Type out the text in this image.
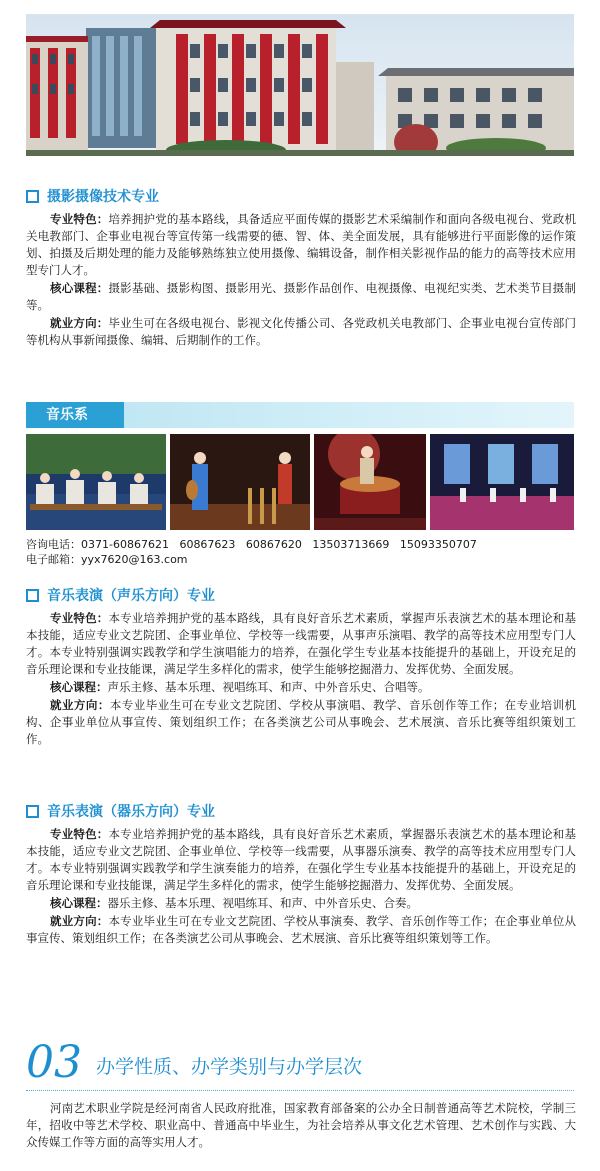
摄影摄像技术专业

专业特色：培养拥护党的基本路线，具备适应平面传媒的摄影艺术采编制作和面向各级电视台、党政机关电教部门、企事业电视台等宣传第一线需要的德、智、体、美全面发展，具有能够进行平面影像的运作策划、拍摄及后期处理的能力及能够熟练独立使用摄像、编辑设备，制作相关影视作品的能力的高等技术应用型专门人才。

核心课程：摄影基础、摄影构图、摄影用光、摄影作品创作、电视摄像、电视纪实类、艺术类节目摄制等。

就业方向：毕业生可在各级电视台、影视文化传播公司、各党政机关电教部门、企事业电视台宣传部门等机构从事新闻摄像、编辑、后期制作的工作。

音乐系
咨询电话：0371-60867621   60867623   60867620   13503713669   15093350707
电子邮箱：yyx7620@163.com
音乐表演（声乐方向）专业

专业特色：本专业培养拥护党的基本路线，具有良好音乐艺术素质，掌握声乐表演艺术的基本理论和基本技能，适应专业文艺院团、企事业单位、学校等一线需要，从事声乐演唱、教学的高等技术应用型专门人才。本专业特别强调实践教学和学生演唱能力的培养，在强化学生专业基本技能提升的基础上，开设充足的音乐理论课和专业技能课，满足学生多样化的需求，使学生能够挖掘潜力、发挥优势、全面发展。

核心课程：声乐主修、基本乐理、视唱练耳、和声、中外音乐史、合唱等。

就业方向：本专业毕业生可在专业文艺院团、学校从事演唱、教学、音乐创作等工作；在专业培训机构、企事业单位从事宣传、策划组织工作；在各类演艺公司从事晚会、艺术展演、音乐比赛等组织策划工作。

音乐表演（器乐方向）专业

专业特色：本专业培养拥护党的基本路线，具有良好音乐艺术素质，掌握器乐表演艺术的基本理论和基本技能，适应专业文艺院团、企事业单位、学校等一线需要，从事器乐演奏、教学的高等技术应用型专门人才。本专业特别强调实践教学和学生演奏能力的培养，在强化学生专业基本技能提升的基础上，开设充足的音乐理论课和专业技能课，满足学生多样化的需求，使学生能够挖掘潜力、发挥优势、全面发展。

核心课程：器乐主修、基本乐理、视唱练耳、和声、中外音乐史、合奏。

就业方向：本专业毕业生可在专业文艺院团、学校从事演奏、教学、音乐创作等工作；在企事业单位从事宣传、策划组织工作；在各类演艺公司从事晚会、艺术展演、音乐比赛等组织策划等工作。

03 办学性质、办学类别与办学层次

河南艺术职业学院是经河南省人民政府批准，国家教育部备案的公办全日制普通高等艺术院校，学制三年，招收中等艺术学校、职业高中、普通高中毕业生，为社会培养从事文化艺术管理、艺术创作与实践、大众传媒工作等方面的高等实用人才。
